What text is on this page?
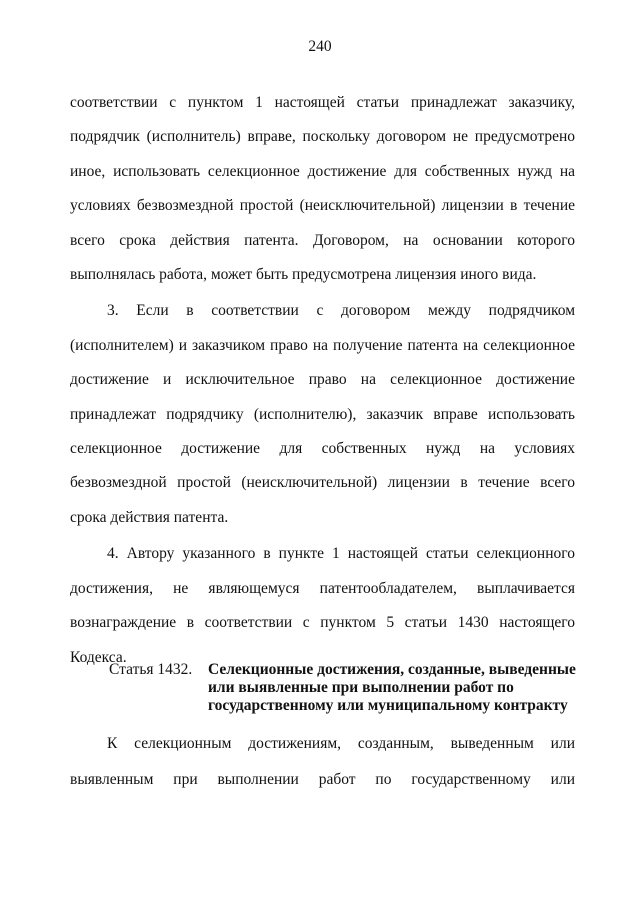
240

соответствии с пунктом 1 настоящей статьи принадлежат заказчику, подрядчик (исполнитель) вправе, поскольку договором не предусмотрено иное, использовать селекционное достижение для собственных нужд на условиях безвозмездной простой (неисключительной) лицензии в течение всего срока действия патента. Договором, на основании которого выполнялась работа, может быть предусмотрена лицензия иного вида.

3. Если в соответствии с договором между подрядчиком (исполнителем) и заказчиком право на получение патента на селекционное достижение и исключительное право на селекционное достижение принадлежат подрядчику (исполнителю), заказчик вправе использовать селекционное достижение для собственных нужд на условиях безвозмездной простой (неисключительной) лицензии в течение всего срока действия патента.

4. Автору указанного в пункте 1 настоящей статьи селекционного достижения, не являющемуся патентообладателем, выплачивается вознаграждение в соответствии с пунктом 5 статьи 1430 настоящего Кодекса.

Статья 1432.	Селекционные достижения, созданные, выведенные или выявленные при выполнении работ по государственному или муниципальному контракту

К селекционным достижениям, созданным, выведенным или выявленным при выполнении работ по государственному или
